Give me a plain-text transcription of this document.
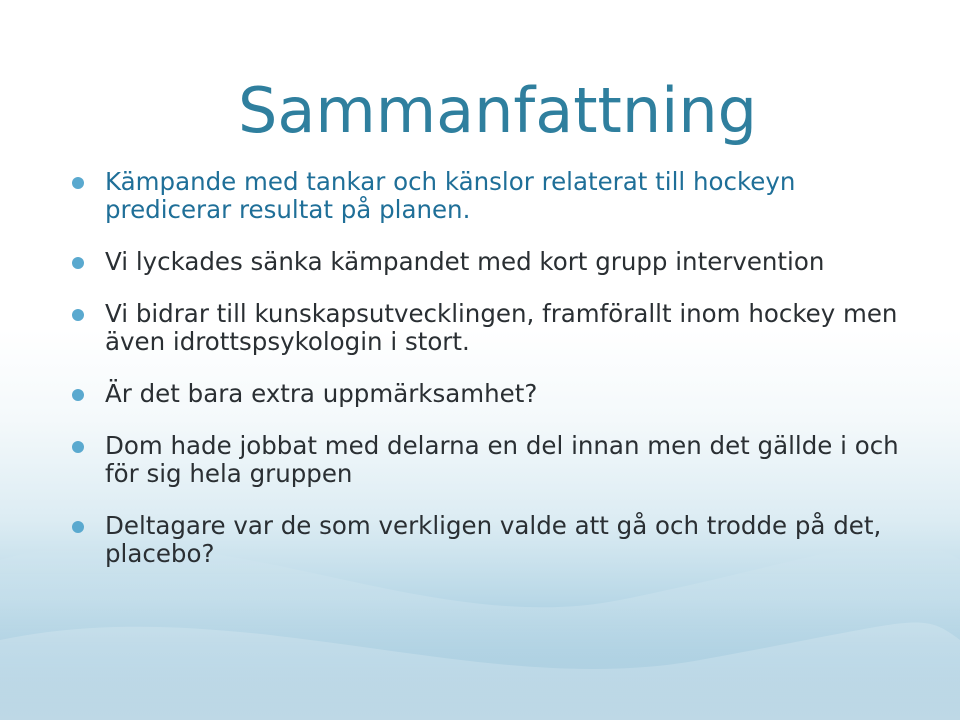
Sammanfattning
Kämpande med tankar och känslor relaterat till hockeyn predicerar resultat på planen.
Vi lyckades sänka kämpandet med kort grupp intervention
Vi bidrar till kunskapsutvecklingen, framförallt inom hockey men även idrottspsykologin i stort.
Är det bara extra uppmärksamhet?
Dom hade jobbat med delarna en del innan men det gällde i och för sig hela gruppen
Deltagare var de som verkligen valde att gå och trodde på det, placebo?
